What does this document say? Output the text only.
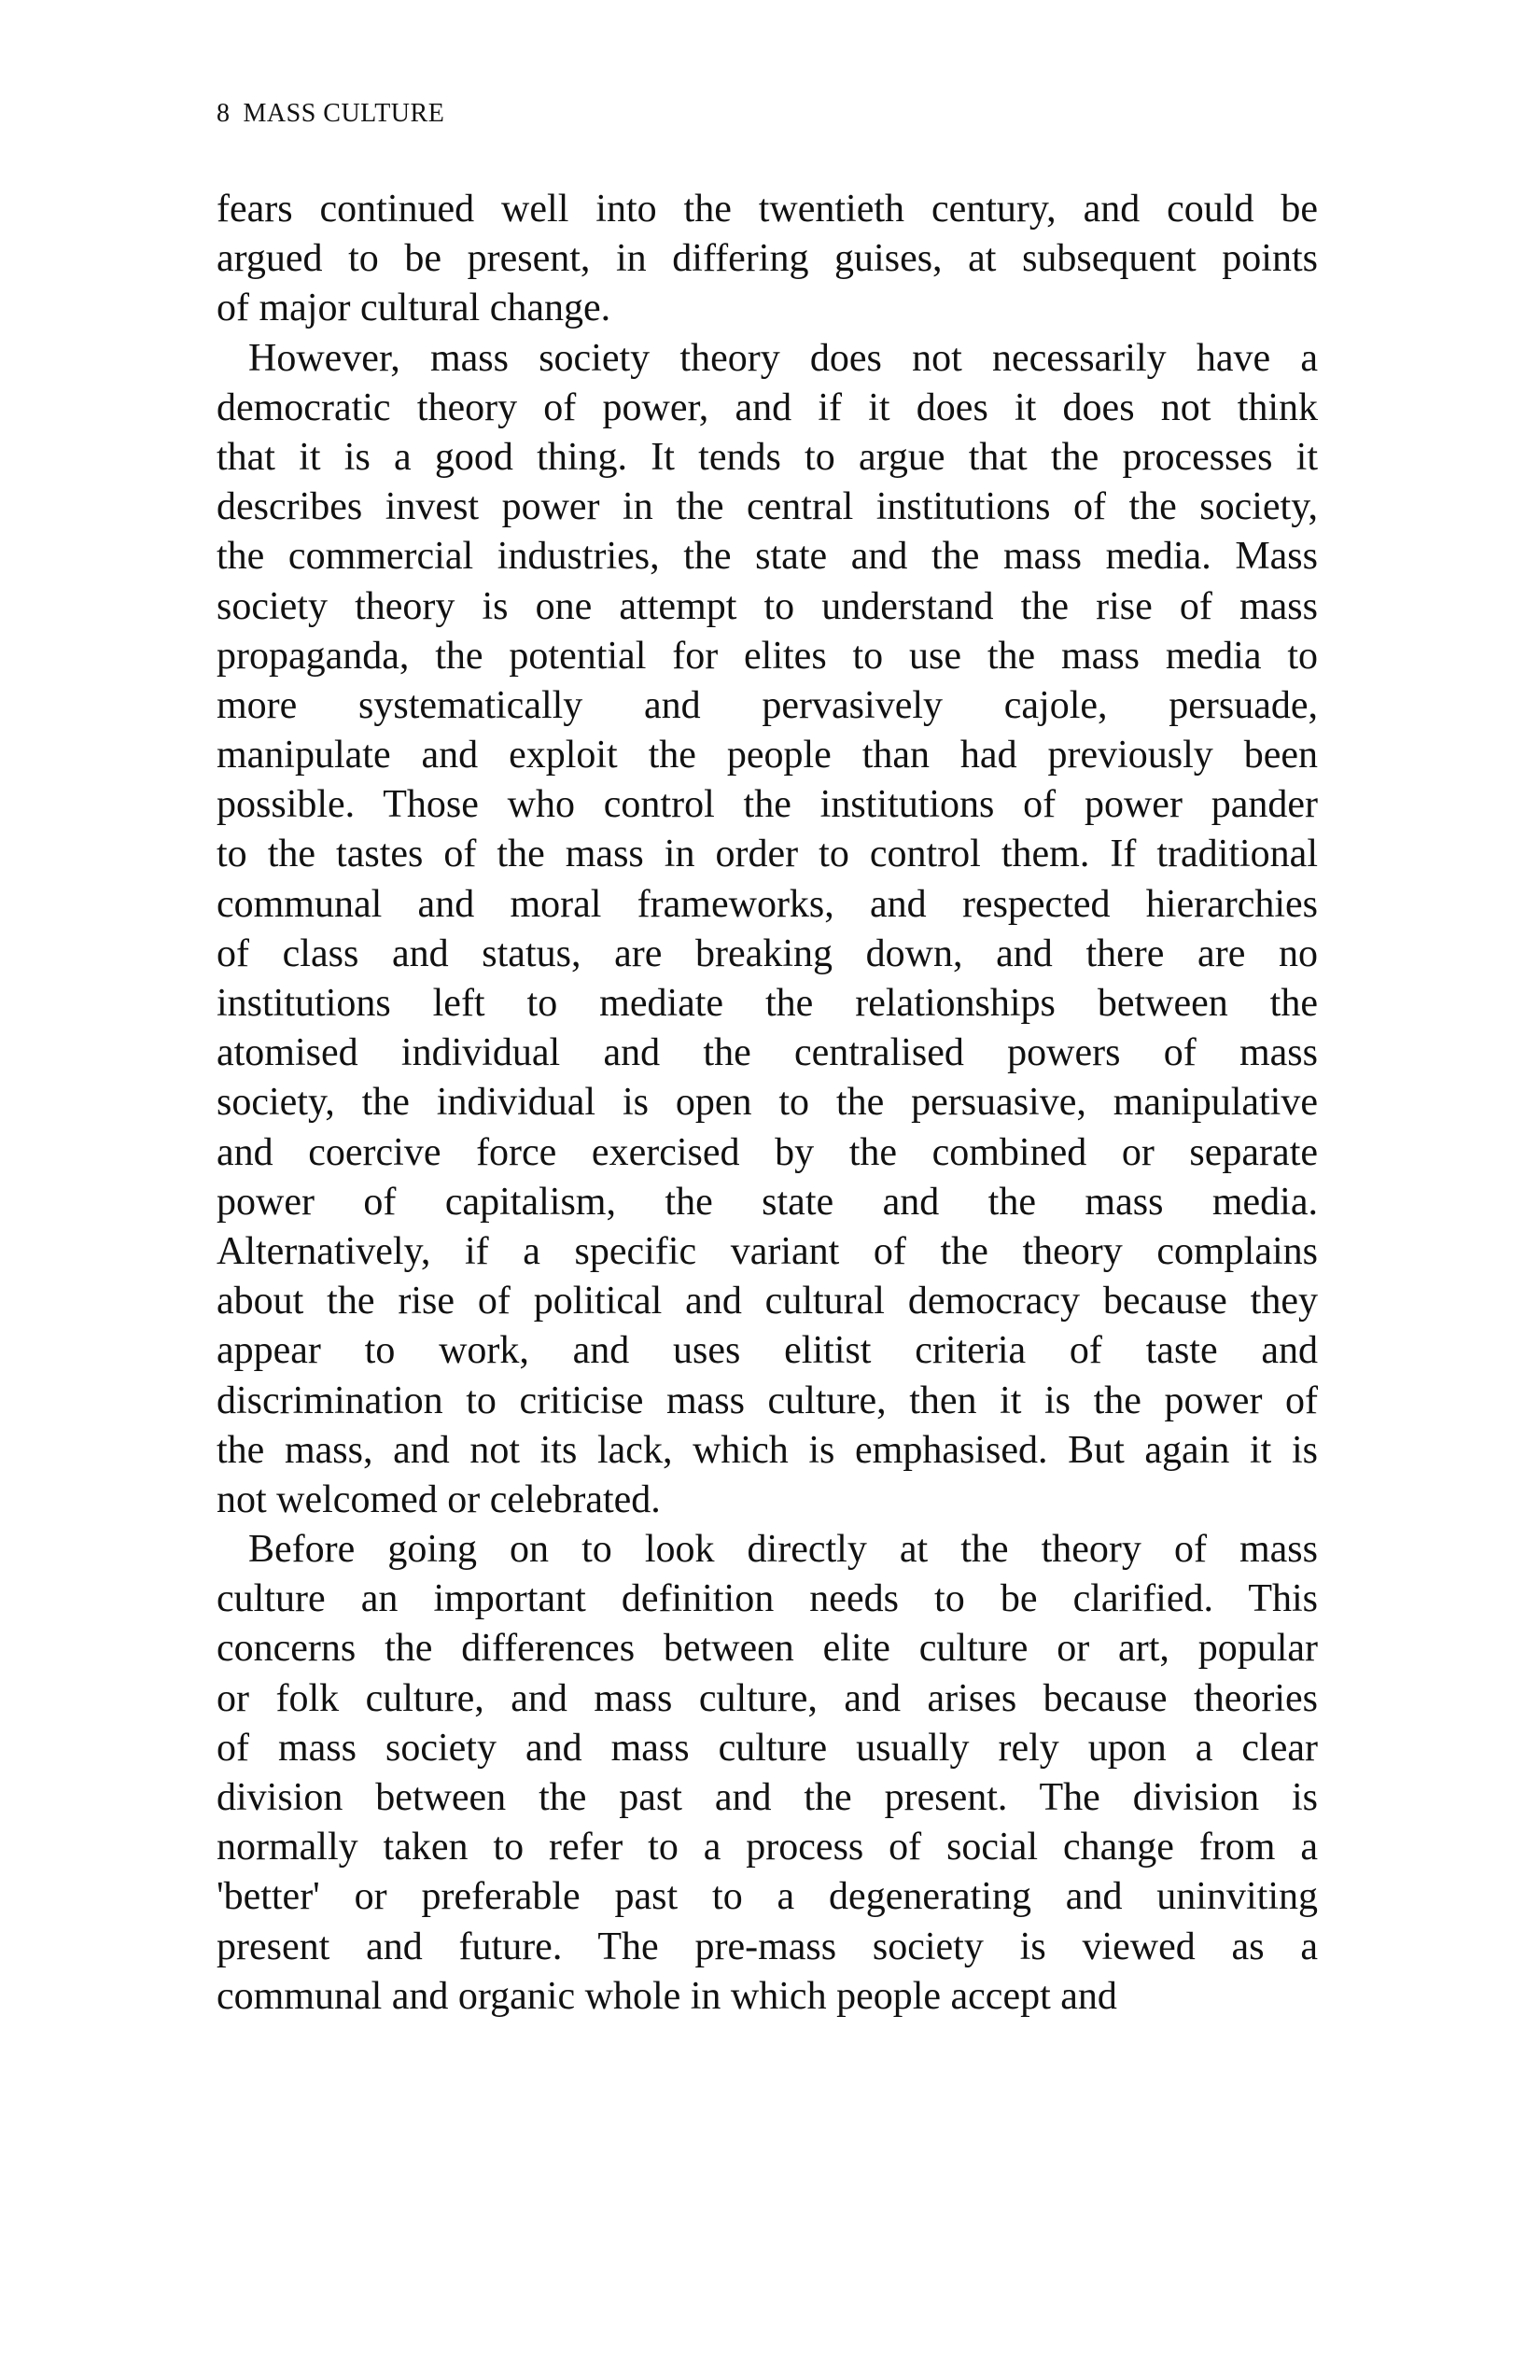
8 MASS CULTURE
fears continued well into the twentieth century, and could be
argued to be present, in differing guises, at subsequent points
of major cultural change.
However, mass society theory does not necessarily have a
democratic theory of power, and if it does it does not think
that it is a good thing. It tends to argue that the processes it
describes invest power in the central institutions of the society,
the commercial industries, the state and the mass media. Mass
society theory is one attempt to understand the rise of mass
propaganda, the potential for elites to use the mass media to
more systematically and pervasively cajole, persuade,
manipulate and exploit the people than had previously been
possible. Those who control the institutions of power pander
to the tastes of the mass in order to control them. If traditional
communal and moral frameworks, and respected hierarchies
of class and status, are breaking down, and there are no
institutions left to mediate the relationships between the
atomised individual and the centralised powers of mass
society, the individual is open to the persuasive, manipulative
and coercive force exercised by the combined or separate
power of capitalism, the state and the mass media.
Alternatively, if a specific variant of the theory complains
about the rise of political and cultural democracy because they
appear to work, and uses elitist criteria of taste and
discrimination to criticise mass culture, then it is the power of
the mass, and not its lack, which is emphasised. But again it is
not welcomed or celebrated.
Before going on to look directly at the theory of mass
culture an important definition needs to be clarified. This
concerns the differences between elite culture or art, popular
or folk culture, and mass culture, and arises because theories
of mass society and mass culture usually rely upon a clear
division between the past and the present. The division is
normally taken to refer to a process of social change from a
'better' or preferable past to a degenerating and uninviting
present and future. The pre-mass society is viewed as a
communal and organic whole in which people accept and
